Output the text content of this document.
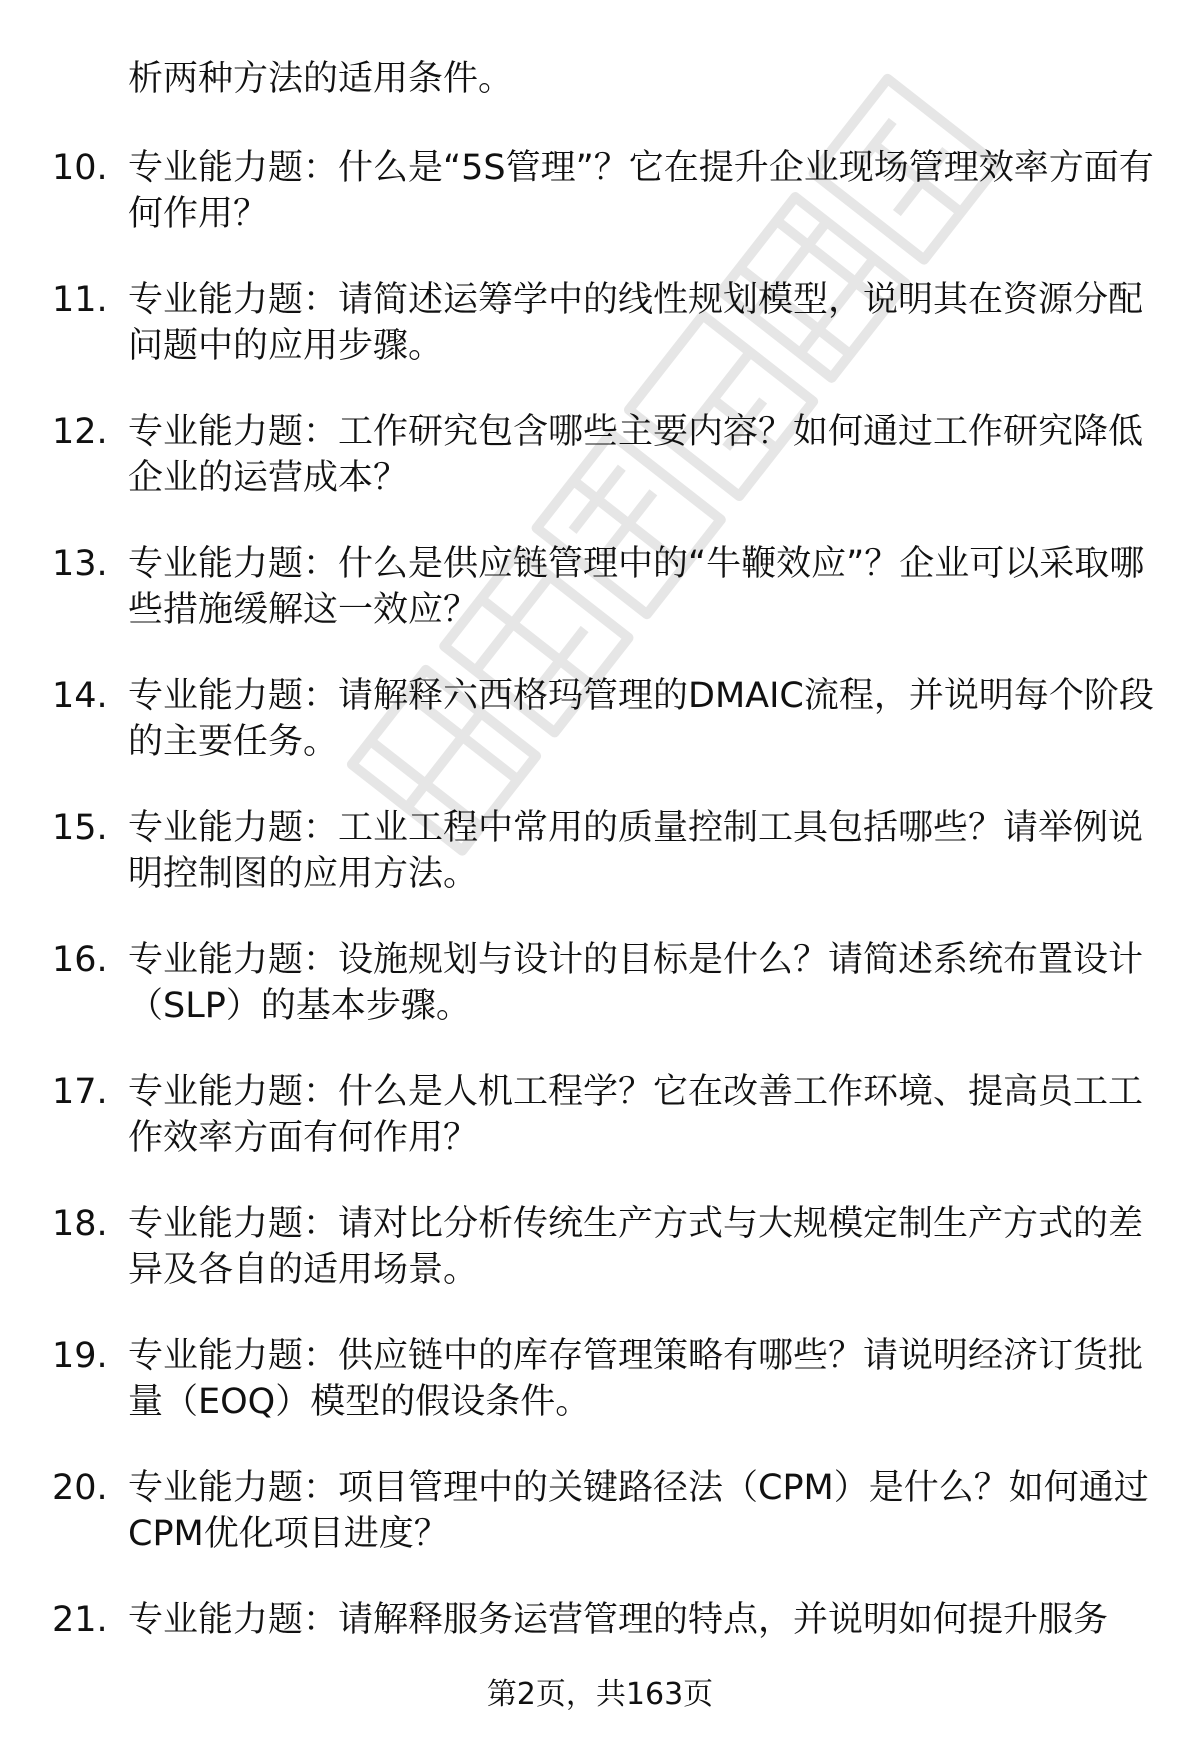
析两种方法的适用条件。

10. 专业能力题：什么是“5S管理”？它在提升企业现场管理效率方面有何作用？
11. 专业能力题：请简述运筹学中的线性规划模型，说明其在资源分配问题中的应用步骤。
12. 专业能力题：工作研究包含哪些主要内容？如何通过工作研究降低企业的运营成本？
13. 专业能力题：什么是供应链管理中的“牛鞭效应”？企业可以采取哪些措施缓解这一效应？
14. 专业能力题：请解释六西格玛管理的DMAIC流程，并说明每个阶段的主要任务。
15. 专业能力题：工业工程中常用的质量控制工具包括哪些？请举例说明控制图的应用方法。
16. 专业能力题：设施规划与设计的目标是什么？请简述系统布置设计（SLP）的基本步骤。
17. 专业能力题：什么是人机工程学？它在改善工作环境、提高员工工作效率方面有何作用？
18. 专业能力题：请对比分析传统生产方式与大规模定制生产方式的差异及各自的适用场景。
19. 专业能力题：供应链中的库存管理策略有哪些？请说明经济订货批量（EOQ）模型的假设条件。
20. 专业能力题：项目管理中的关键路径法（CPM）是什么？如何通过CPM优化项目进度？
21. 专业能力题：请解释服务运营管理的特点，并说明如何提升服务
第2页，共163页
